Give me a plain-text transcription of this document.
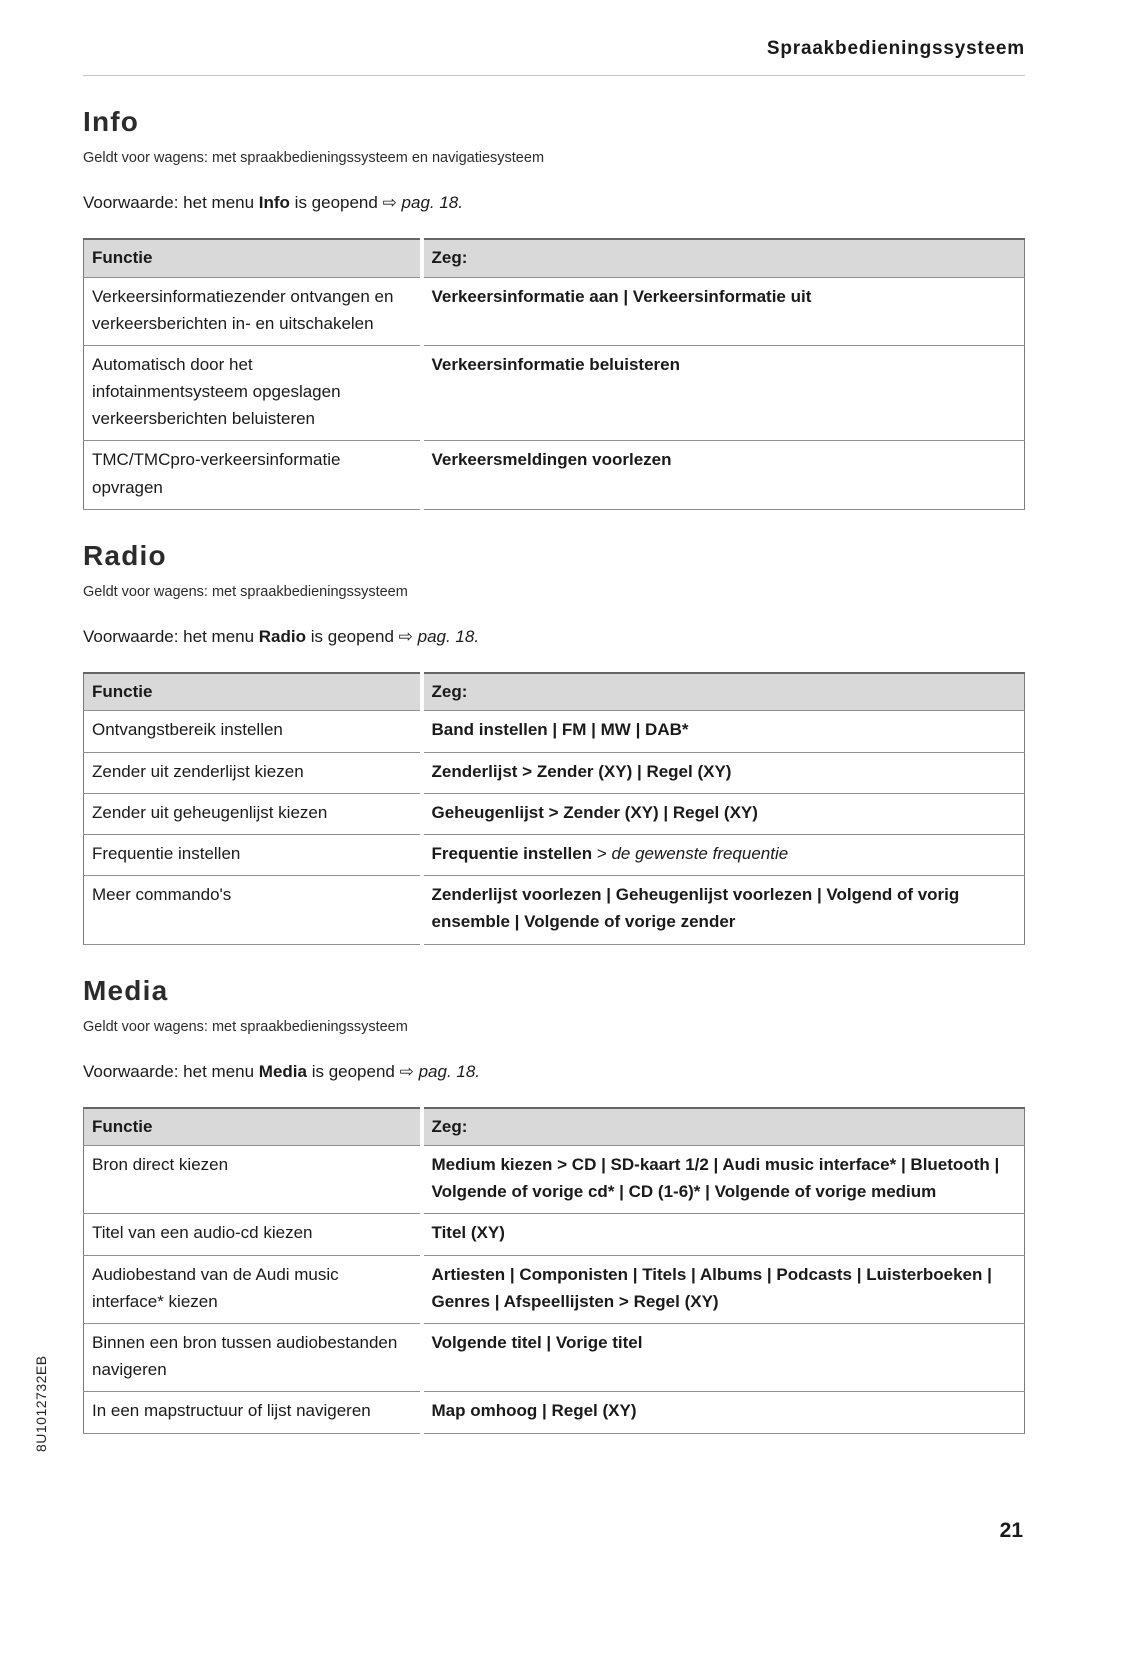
Spraakbedieningssysteem
Info
Geldt voor wagens: met spraakbedieningssysteem en navigatiesysteem

Voorwaarde: het menu Info is geopend ⇨ pag. 18.

Functie	Zeg:
Verkeersinformatiezender ontvangen en verkeersberichten in- en uitschakelen	Verkeersinformatie aan | Verkeersinformatie uit
Automatisch door het infotainmentsysteem opgeslagen verkeersberichten beluisteren	Verkeersinformatie beluisteren
TMC/TMCpro-verkeersinformatie opvragen	Verkeersmeldingen voorlezen
Radio
Geldt voor wagens: met spraakbedieningssysteem

Voorwaarde: het menu Radio is geopend ⇨ pag. 18.

Functie	Zeg:
Ontvangstbereik instellen	Band instellen | FM | MW | DAB*
Zender uit zenderlijst kiezen	Zenderlijst > Zender (XY) | Regel (XY)
Zender uit geheugenlijst kiezen	Geheugenlijst > Zender (XY) | Regel (XY)
Frequentie instellen	Frequentie instellen > de gewenste frequentie
Meer commando's	Zenderlijst voorlezen | Geheugenlijst voorlezen | Volgend of vorig ensemble | Volgende of vorige zender
Media
Geldt voor wagens: met spraakbedieningssysteem

Voorwaarde: het menu Media is geopend ⇨ pag. 18.

Functie	Zeg:
Bron direct kiezen	Medium kiezen > CD | SD-kaart 1/2 | Audi music interface* | Bluetooth | Volgende of vorige cd* | CD (1-6)* | Volgende of vorige medium
Titel van een audio-cd kiezen	Titel (XY)
Audiobestand van de Audi music interface* kiezen	Artiesten | Componisten | Titels | Albums | Podcasts | Luisterboeken | Genres | Afspeellijsten > Regel (XY)
Binnen een bron tussen audiobestanden navigeren	Volgende titel | Vorige titel
In een mapstructuur of lijst navigeren	Map omhoog | Regel (XY)
8U1012732EB
21
